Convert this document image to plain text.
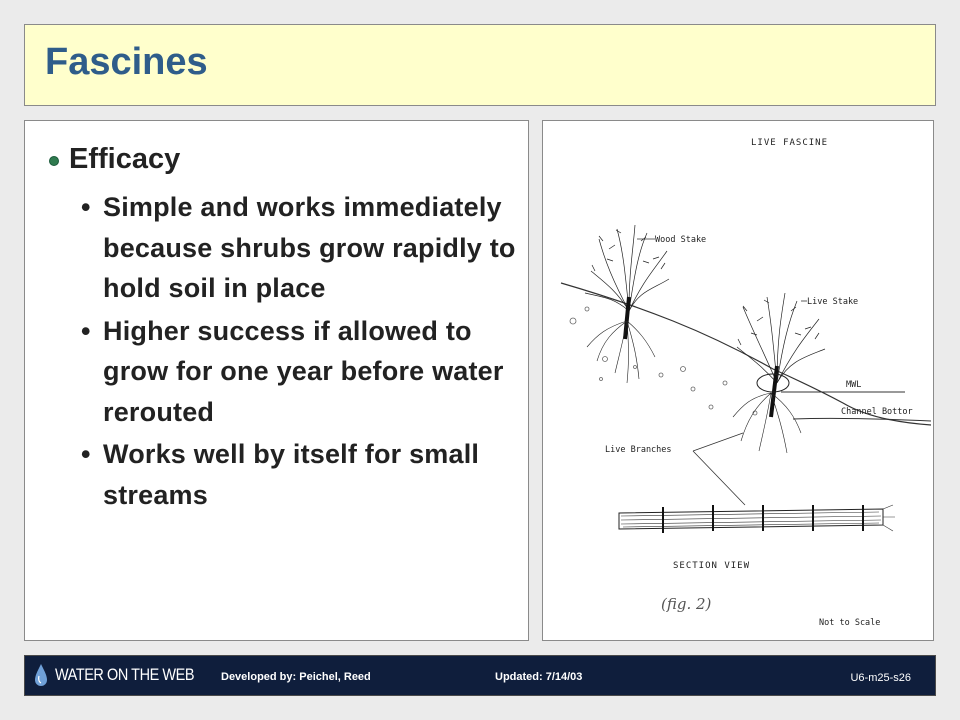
Fascines
Efficacy
• Simple and works immediately because shrubs grow rapidly to hold soil in place
• Higher success if allowed to grow for one year before water rerouted
• Works well by itself for small streams
LIVE FASCINE
Wood Stake
Live Stake
MWL
Channel Bottor
Live Branches
SECTION VIEW
(fig. 2)
Not to Scale
WATER ON THE WEB Developed by: Peichel, Reed	Updated: 7/14/03	U6-m25-s26
